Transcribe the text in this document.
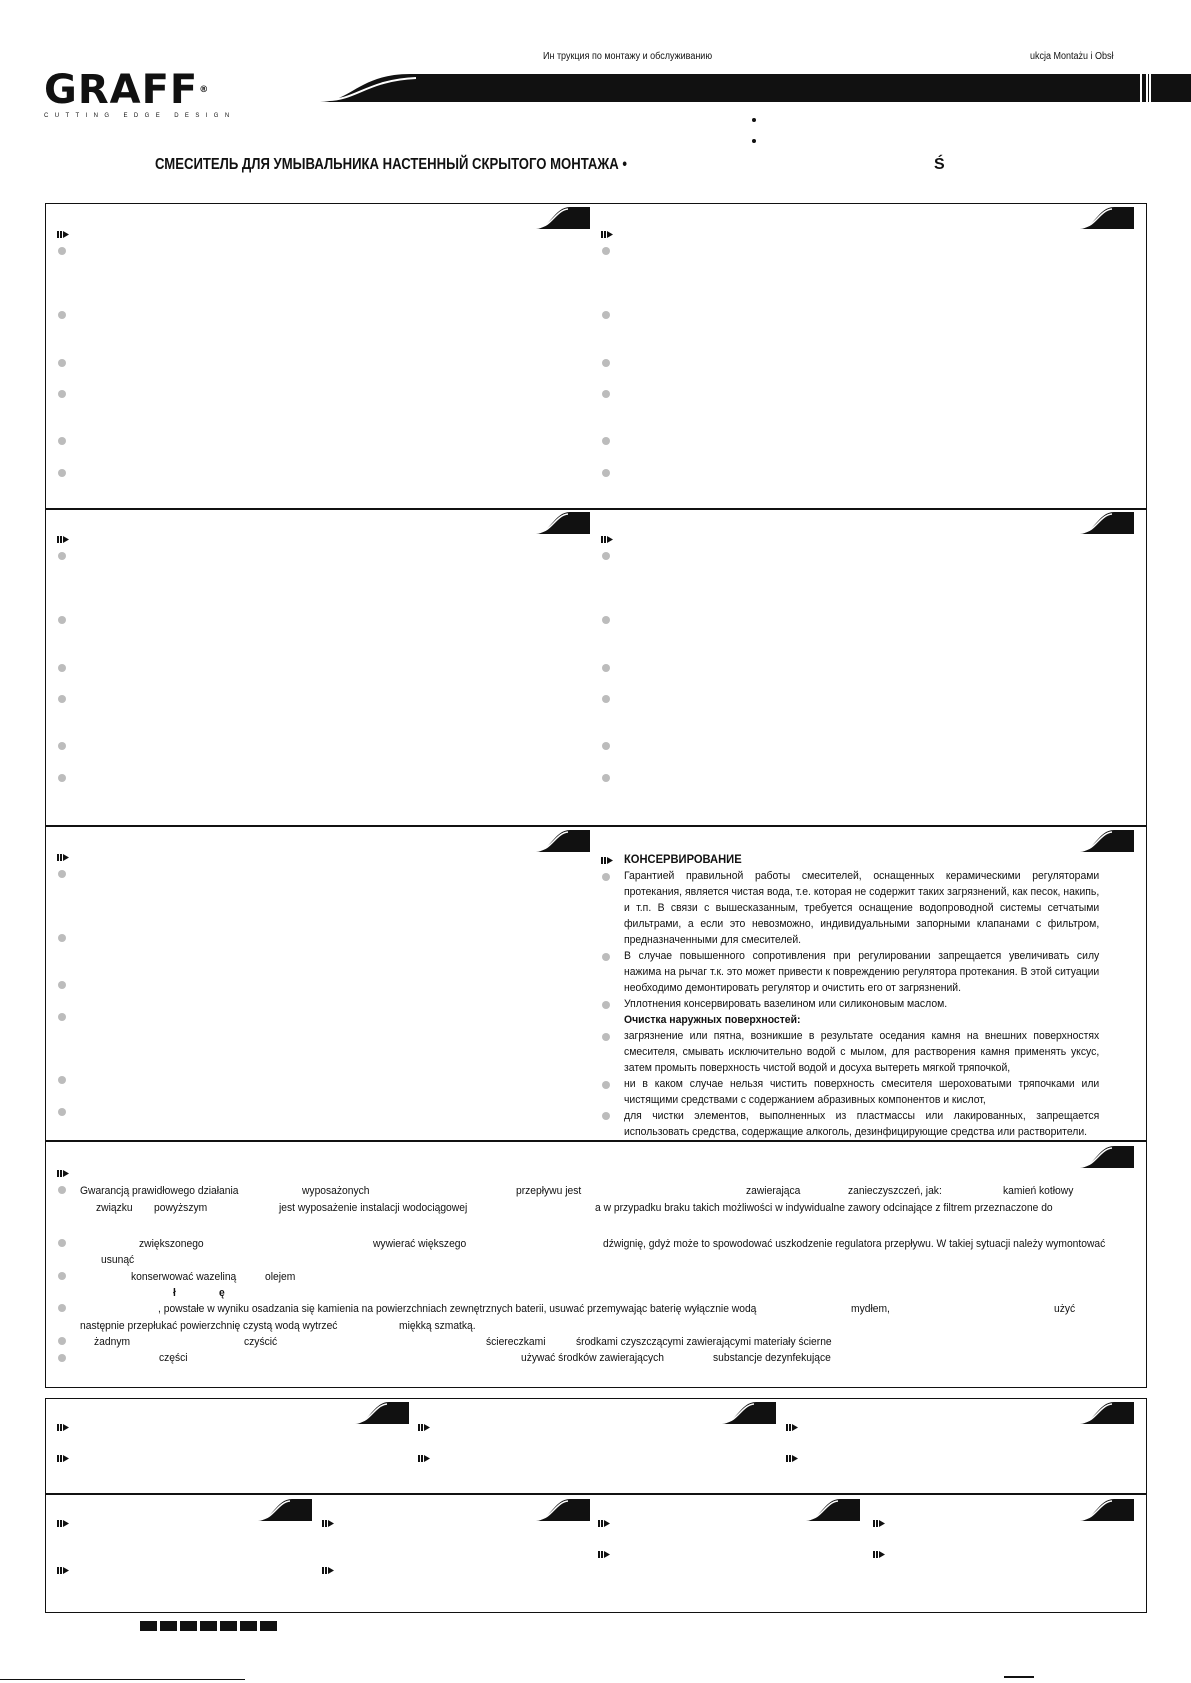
Ин трукция по монтажу и обслуживанию	ukcja Montażu i Obsł
GRAFF ®
CUTTING EDGE DESIGN
СМЕСИТЕЛЬ ДЛЯ УМЫВАЛЬНИКА НАСТЕННЫЙ СКРЫТОГО МОНТАЖА •	Ś
КОНСЕРВИРОВАНИЕ
Гарантией правильной работы смесителей, оснащенных керамическими регуляторами протекания, является чистая вода, т.е. которая не содержит таких загрязнений, как песок, накипь, и т.п. В связи с вышесказанным, требуется оснащение водопроводной системы сетчатыми фильтрами, а если это невозможно, индивидуальными запорными клапанами с фильтром, предназначенными для смесителей.
В случае повышенного сопротивления при регулировании запрещается увеличивать силу нажима на рычаг т.к. это может привести к повреждению регулятора протекания. В этой ситуации необходимо демонтировать регулятор и очистить его от загрязнений.
Уплотнения консервировать вазелином или силиконовым маслом.
Очистка наружных поверхностей:
загрязнение или пятна, возникшие в результате оседания камня на внешних поверхностях смесителя, смывать исключительно водой с мылом, для растворения камня применять уксус, затем промыть поверхность чистой водой и досуха вытереть мягкой тряпочкой,
ни в каком случае нельзя чистить поверхность смесителя шероховатыми тряпочками или чистящими средствами с содержанием абразивных компонентов и кислот,
для чистки элементов, выполненных из пластмассы или лакированных, запрещается использовать средства, содержащие алкоголь, дезинфицирующие средства или растворители.
Gwarancją prawidłowego działania	wyposażonych	przepływu jest	zawierająca	zanieczyszczeń, jak:	kamień kotłowy
związku powyższym	jest wyposażenie instalacji wodociągowej	a w przypadku braku takich możliwości w indywidualne zawory odcinające z filtrem przeznaczone do
zwiększonego	wywierać większego	dźwignię, gdyż może to spowodować uszkodzenie regulatora przepływu. W takiej sytuacji należy wymontować
usunąć
konserwować wazeliną	olejem
ł	ę
, powstałe w wyniku osadzania się kamienia na powierzchniach zewnętrznych baterii, usuwać przemywając baterię wyłącznie wodą	mydłem,	użyć
następnie przepłukać powierzchnię czystą wodą wytrzeć	miękką szmatką.
żadnym	czyścić	ściereczkami	środkami czyszczącymi zawierającymi materiały ścierne
części	używać środków zawierających	substancje dezynfekujące
